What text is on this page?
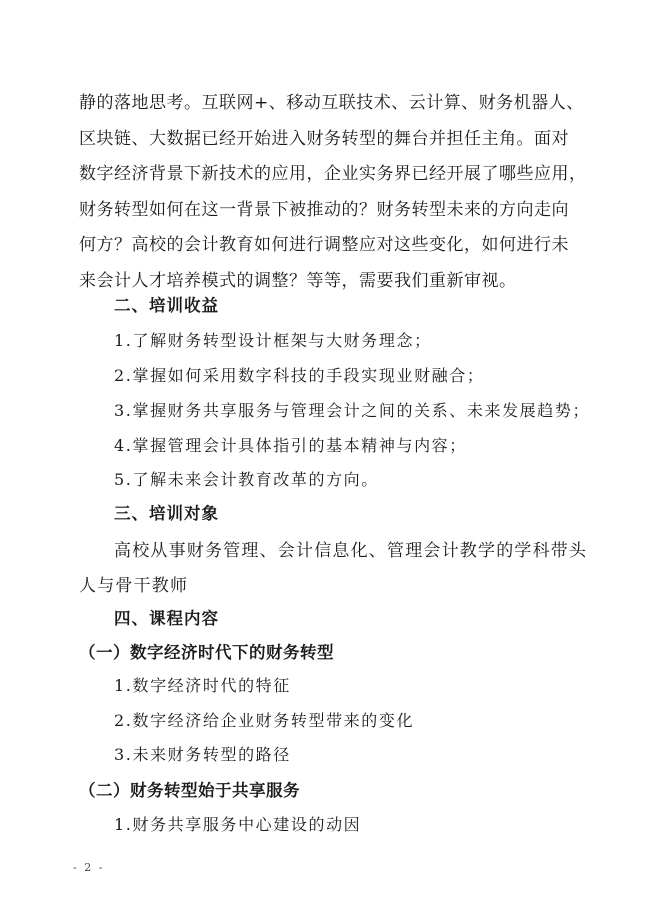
静的落地思考。互联网+、移动互联技术、云计算、财务机器人、

区块链、大数据已经开始进入财务转型的舞台并担任主角。面对

数字经济背景下新技术的应用，企业实务界已经开展了哪些应用，

财务转型如何在这一背景下被推动的？财务转型未来的方向走向

何方？高校的会计教育如何进行调整应对这些变化，如何进行未

来会计人才培养模式的调整？等等，需要我们重新审视。

二、培训收益
1.了解财务转型设计框架与大财务理念；
2.掌握如何采用数字科技的手段实现业财融合；
3.掌握财务共享服务与管理会计之间的关系、未来发展趋势；
4.掌握管理会计具体指引的基本精神与内容；
5.了解未来会计教育改革的方向。
三、培训对象
高校从事财务管理、会计信息化、管理会计教学的学科带头
人与骨干教师
四、课程内容
（一）数字经济时代下的财务转型
1.数字经济时代的特征
2.数字经济给企业财务转型带来的变化
3.未来财务转型的路径
（二）财务转型始于共享服务
1.财务共享服务中心建设的动因
- 2 -
